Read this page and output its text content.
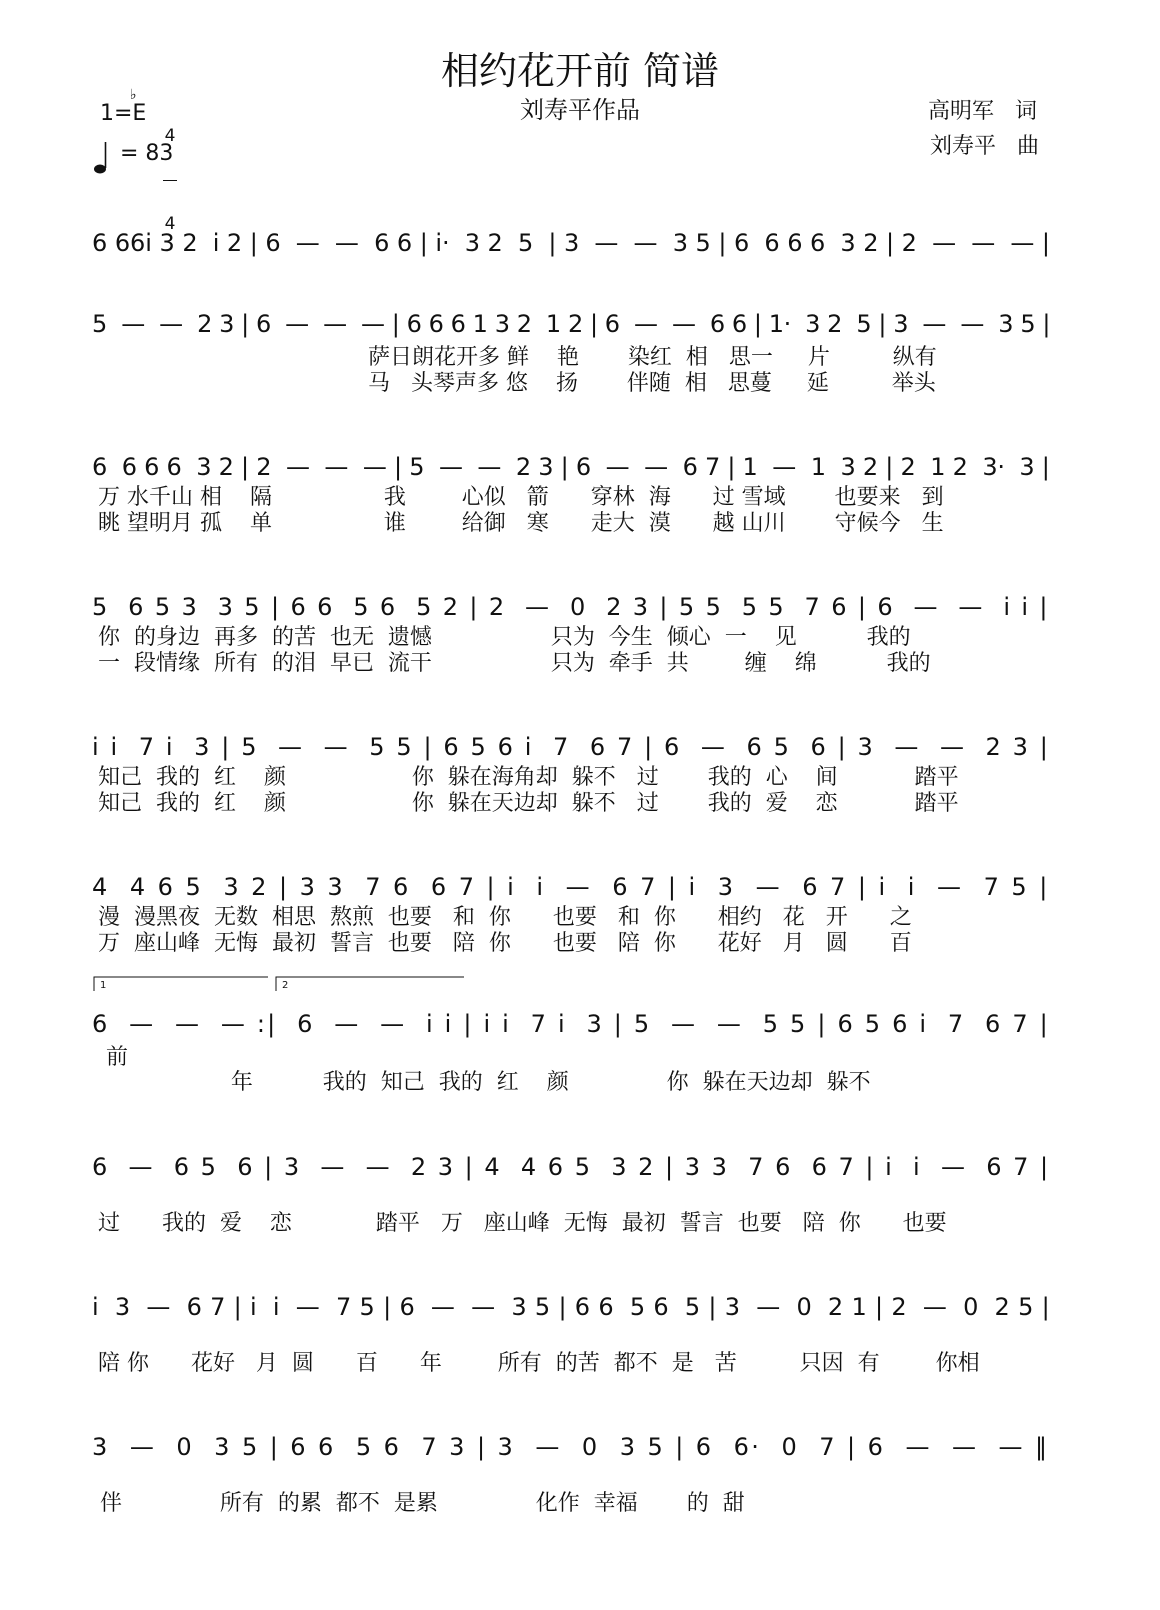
相约花开前 简谱
刘寿平作品
♭
1=E

4

4

= 83
高明军   词
刘寿平   曲
6 66i 3 2  i 2 | 6  —  —  6 6 | i·  3 2  5  | 3  —  —  3 5 | 6  6 6 6  3 2 | 2  —  —  — |
5  —  —  2 3 | 6  —  —  — | 6 6 6 1 3 2  1 2 | 6  —  —  6 6 | 1·  3 2  5 | 3  —  —  3 5 |
萨日朗花开多 鲜    艳       染红  相   思一     片         纵有
马   头琴声多 悠    扬       伴随  相   思蔓     延         举头
6  6 6 6  3 2 | 2  —  —  — | 5  —  —  2 3 | 6  —  —  6 7 | 1  —  1  3 2 | 2  1 2  3·  3 |
万 水千山 相    隔                我        心似   箭      穿林  海      过 雪域       也要来   到
眺 望明月 孤    单                谁        给御   寒      走大  漠      越 山川       守候今   生
5  6 5 3  3 5 | 6 6  5 6  5 2 | 2  —  0  2 3 | 5 5  5 5  7 6 | 6  —  —  i i |
你  的身边  再多  的苦  也无  遗憾                 只为  今生  倾心  一    见          我的
一  段情缘  所有  的泪  早已  流干                 只为  牵手  共        缠    绵          我的
i i  7 i  3 | 5  —  —  5 5 | 6 5 6 i  7  6 7 | 6  —  6 5  6 | 3  —  —  2 3 |
知己  我的  红    颜                  你  躲在海角却  躲不   过       我的  心    间           踏平
知己  我的  红    颜                  你  躲在天边却  躲不   过       我的  爱    恋           踏平
4  4 6 5  3 2 | 3 3  7 6  6 7 | i  i  —  6 7 | i  3  —  6 7 | i  i  —  7 5 |
漫  漫黑夜  无数  相思  熬煎  也要   和  你      也要   和  你      相约   花   开      之
万  座山峰  无悔  最初  誓言  也要   陪  你      也要   陪  你      花好   月   圆      百
1	2
6  —  —  — :|  6  —  —  i i | i i  7 i  3 | 5  —  —  5 5 | 6 5 6 i  7  6 7 |
前
年          我的  知己  我的  红    颜              你  躲在天边却  躲不
6  —  6 5  6 | 3  —  —  2 3 | 4  4 6 5  3 2 | 3 3  7 6  6 7 | i  i  —  6 7 |
过      我的  爱    恋            踏平   万   座山峰  无悔  最初  誓言  也要   陪  你      也要
i  3  —  6 7 | i  i  —  7 5 | 6  —  —  3 5 | 6 6  5 6  5 | 3  —  0  2 1 | 2  —  0  2 5 |
陪 你      花好   月  圆      百      年        所有  的苦  都不  是   苦         只因  有        你相
3  —  0  3 5 | 6 6  5 6  7 3 | 3  —  0  3 5 | 6  6·  0  7 | 6  —  —  — ‖
伴              所有  的累  都不  是累              化作  幸福       的  甜
